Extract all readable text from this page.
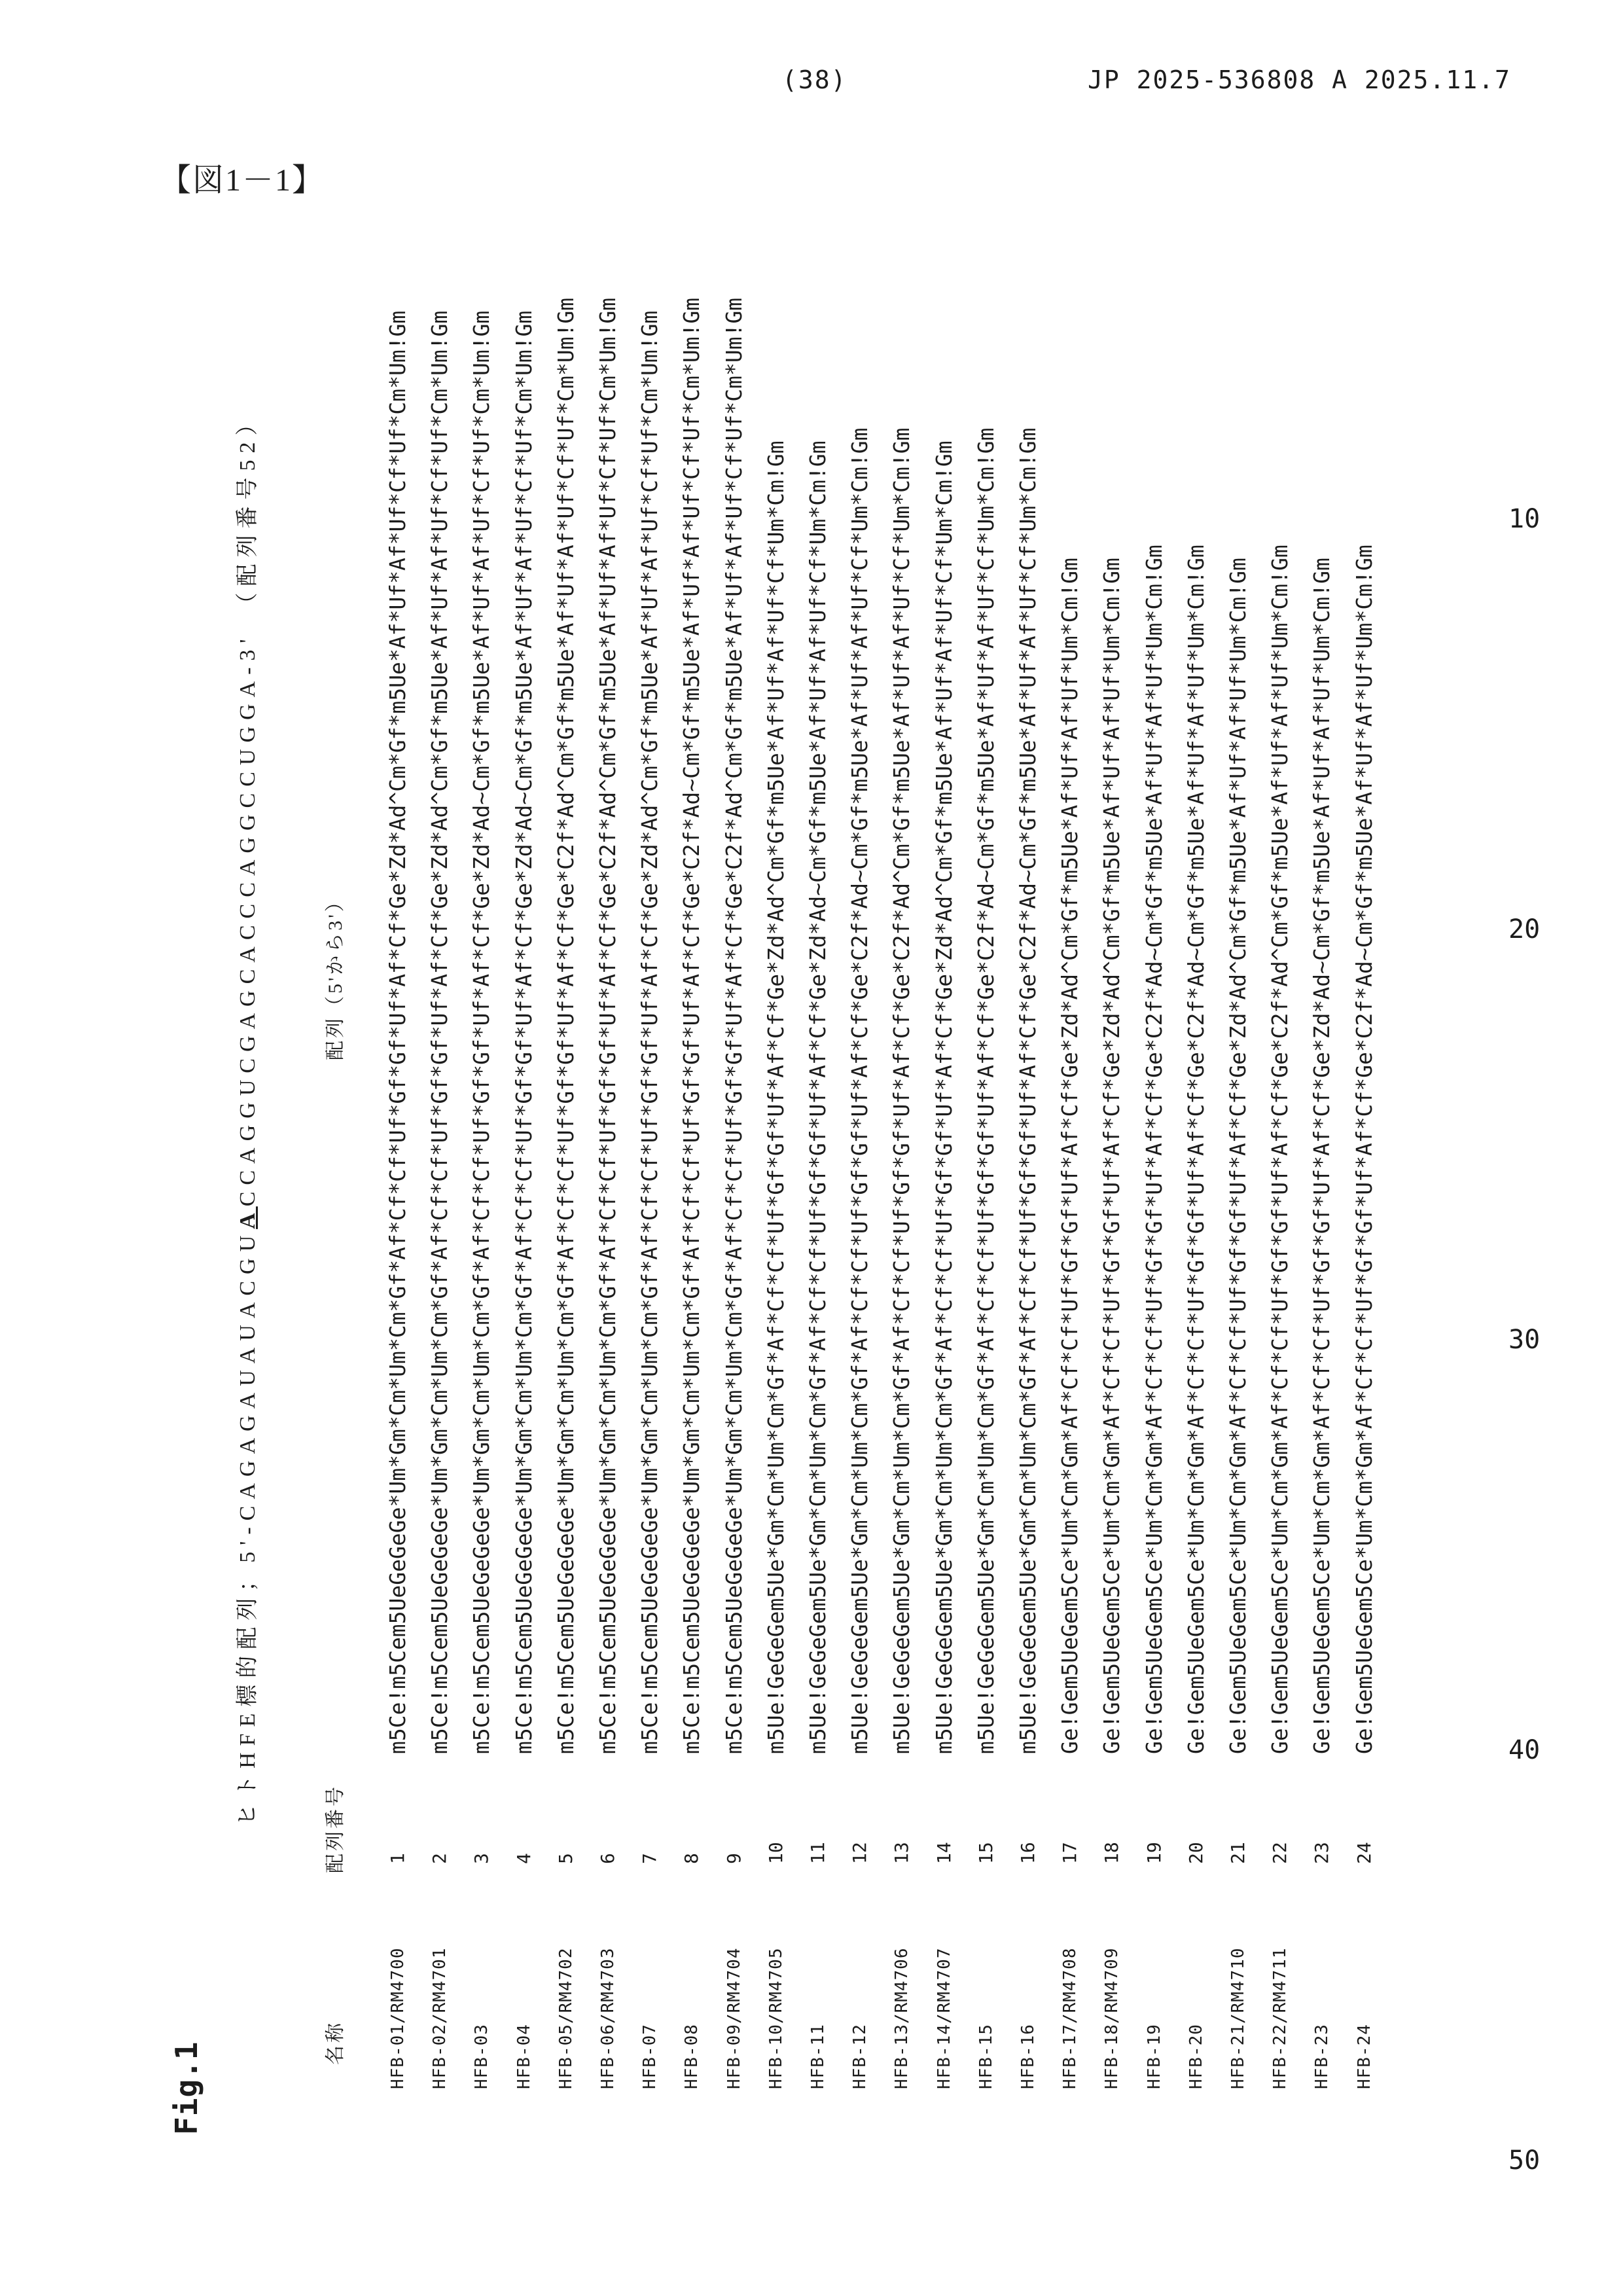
(38)	JP 2025-536808 A 2025.11.7
【図1－1】
Fig.1
ヒトHFE標的配列；5'-CAGAGAUAUACGUACCAGGUCGAGCACCCAGGCCUGGA-3'　（配列番号52）	配列（5'から3'）
配列番号
名称
m5Ce!m5Cem5UeGeGeGe*Um*Gm*Cm*Um*Cm*Gf*Af*Cf*Cf*Uf*Gf*Gf*Uf*Af*Cf*Ge*Zd*Ad^Cm*Gf*m5Ue*Af*Uf*Af*Uf*Cf*Uf*Cm*Um!Gm
1
HFB-01/RM4700
m5Ce!m5Cem5UeGeGeGe*Um*Gm*Cm*Um*Cm*Gf*Af*Cf*Cf*Uf*Gf*Gf*Uf*Af*Cf*Ge*Zd*Ad^Cm*Gf*m5Ue*Af*Uf*Af*Uf*Cf*Uf*Cm*Um!Gm
2
HFB-02/RM4701
m5Ce!m5Cem5UeGeGeGe*Um*Gm*Cm*Um*Cm*Gf*Af*Cf*Cf*Uf*Gf*Gf*Uf*Af*Cf*Ge*Zd*Ad~Cm*Gf*m5Ue*Af*Uf*Af*Uf*Cf*Uf*Cm*Um!Gm
3
HFB-03
m5Ce!m5Cem5UeGeGeGe*Um*Gm*Cm*Um*Cm*Gf*Af*Cf*Cf*Uf*Gf*Gf*Uf*Af*Cf*Ge*Zd*Ad~Cm*Gf*m5Ue*Af*Uf*Af*Uf*Cf*Uf*Cm*Um!Gm
4
HFB-04
m5Ce!m5Cem5UeGeGeGe*Um*Gm*Cm*Um*Cm*Gf*Af*Cf*Cf*Uf*Gf*Gf*Uf*Af*Cf*Ge*C2f*Ad^Cm*Gf*m5Ue*Af*Uf*Af*Uf*Cf*Uf*Cm*Um!Gm
5
HFB-05/RM4702
m5Ce!m5Cem5UeGeGeGe*Um*Gm*Cm*Um*Cm*Gf*Af*Cf*Cf*Uf*Gf*Gf*Uf*Af*Cf*Ge*C2f*Ad^Cm*Gf*m5Ue*Af*Uf*Af*Uf*Cf*Uf*Cm*Um!Gm
6
HFB-06/RM4703
m5Ce!m5Cem5UeGeGeGe*Um*Gm*Cm*Um*Cm*Gf*Af*Cf*Cf*Uf*Gf*Gf*Uf*Af*Cf*Ge*Zd*Ad^Cm*Gf*m5Ue*Af*Uf*Af*Uf*Cf*Uf*Cm*Um!Gm
7
HFB-07
m5Ce!m5Cem5UeGeGeGe*Um*Gm*Cm*Um*Cm*Gf*Af*Cf*Cf*Uf*Gf*Gf*Uf*Af*Cf*Ge*C2f*Ad~Cm*Gf*m5Ue*Af*Uf*Af*Uf*Cf*Uf*Cm*Um!Gm
8
HFB-08
m5Ce!m5Cem5UeGeGeGe*Um*Gm*Cm*Um*Cm*Gf*Af*Cf*Cf*Uf*Gf*Gf*Uf*Af*Cf*Ge*C2f*Ad^Cm*Gf*m5Ue*Af*Uf*Af*Uf*Cf*Uf*Cm*Um!Gm
9
HFB-09/RM4704
m5Ue!GeGeGem5Ue*Gm*Cm*Um*Cm*Gf*Af*Cf*Cf*Uf*Gf*Gf*Uf*Af*Cf*Ge*Zd*Ad^Cm*Gf*m5Ue*Af*Uf*Af*Uf*Cf*Um*Cm!Gm
10
HFB-10/RM4705
m5Ue!GeGeGem5Ue*Gm*Cm*Um*Cm*Gf*Af*Cf*Cf*Uf*Gf*Gf*Uf*Af*Cf*Ge*Zd*Ad~Cm*Gf*m5Ue*Af*Uf*Af*Uf*Cf*Um*Cm!Gm
11
HFB-11
m5Ue!GeGeGem5Ue*Gm*Cm*Um*Cm*Gf*Af*Cf*Cf*Uf*Gf*Gf*Uf*Af*Cf*Ge*C2f*Ad~Cm*Gf*m5Ue*Af*Uf*Af*Uf*Cf*Um*Cm!Gm
12
HFB-12
m5Ue!GeGeGem5Ue*Gm*Cm*Um*Cm*Gf*Af*Cf*Cf*Uf*Gf*Gf*Uf*Af*Cf*Ge*C2f*Ad^Cm*Gf*m5Ue*Af*Uf*Af*Uf*Cf*Um*Cm!Gm
13
HFB-13/RM4706
m5Ue!GeGeGem5Ue*Gm*Cm*Um*Cm*Gf*Af*Cf*Cf*Uf*Gf*Gf*Uf*Af*Cf*Ge*Zd*Ad^Cm*Gf*m5Ue*Af*Uf*Af*Uf*Cf*Um*Cm!Gm
14
HFB-14/RM4707
m5Ue!GeGeGem5Ue*Gm*Cm*Um*Cm*Gf*Af*Cf*Cf*Uf*Gf*Gf*Uf*Af*Cf*Ge*C2f*Ad~Cm*Gf*m5Ue*Af*Uf*Af*Uf*Cf*Um*Cm!Gm
15
HFB-15
m5Ue!GeGeGem5Ue*Gm*Cm*Um*Cm*Gf*Af*Cf*Cf*Uf*Gf*Gf*Uf*Af*Cf*Ge*C2f*Ad~Cm*Gf*m5Ue*Af*Uf*Af*Uf*Cf*Um*Cm!Gm
16
HFB-16
Ge!Gem5UeGem5Ce*Um*Cm*Gm*Af*Cf*Cf*Uf*Gf*Gf*Uf*Af*Cf*Ge*Zd*Ad^Cm*Gf*m5Ue*Af*Uf*Af*Uf*Um*Cm!Gm
17
HFB-17/RM4708
Ge!Gem5UeGem5Ce*Um*Cm*Gm*Af*Cf*Cf*Uf*Gf*Gf*Uf*Af*Cf*Ge*Zd*Ad^Cm*Gf*m5Ue*Af*Uf*Af*Uf*Um*Cm!Gm
18
HFB-18/RM4709
Ge!Gem5UeGem5Ce*Um*Cm*Gm*Af*Cf*Cf*Uf*Gf*Gf*Uf*Af*Cf*Ge*C2f*Ad~Cm*Gf*m5Ue*Af*Uf*Af*Uf*Um*Cm!Gm
19
HFB-19
Ge!Gem5UeGem5Ce*Um*Cm*Gm*Af*Cf*Cf*Uf*Gf*Gf*Uf*Af*Cf*Ge*C2f*Ad~Cm*Gf*m5Ue*Af*Uf*Af*Uf*Um*Cm!Gm
20
HFB-20
Ge!Gem5UeGem5Ce*Um*Cm*Gm*Af*Cf*Cf*Uf*Gf*Gf*Uf*Af*Cf*Ge*Zd*Ad^Cm*Gf*m5Ue*Af*Uf*Af*Uf*Um*Cm!Gm
21
HFB-21/RM4710
Ge!Gem5UeGem5Ce*Um*Cm*Gm*Af*Cf*Cf*Uf*Gf*Gf*Uf*Af*Cf*Ge*C2f*Ad^Cm*Gf*m5Ue*Af*Uf*Af*Uf*Um*Cm!Gm
22
HFB-22/RM4711
Ge!Gem5UeGem5Ce*Um*Cm*Gm*Af*Cf*Cf*Uf*Gf*Gf*Uf*Af*Cf*Ge*Zd*Ad~Cm*Gf*m5Ue*Af*Uf*Af*Uf*Um*Cm!Gm
23
HFB-23
Ge!Gem5UeGem5Ce*Um*Cm*Gm*Af*Cf*Cf*Uf*Gf*Gf*Uf*Af*Cf*Ge*C2f*Ad~Cm*Gf*m5Ue*Af*Uf*Af*Uf*Um*Cm!Gm
24
HFB-24
10
20
30
40
50
